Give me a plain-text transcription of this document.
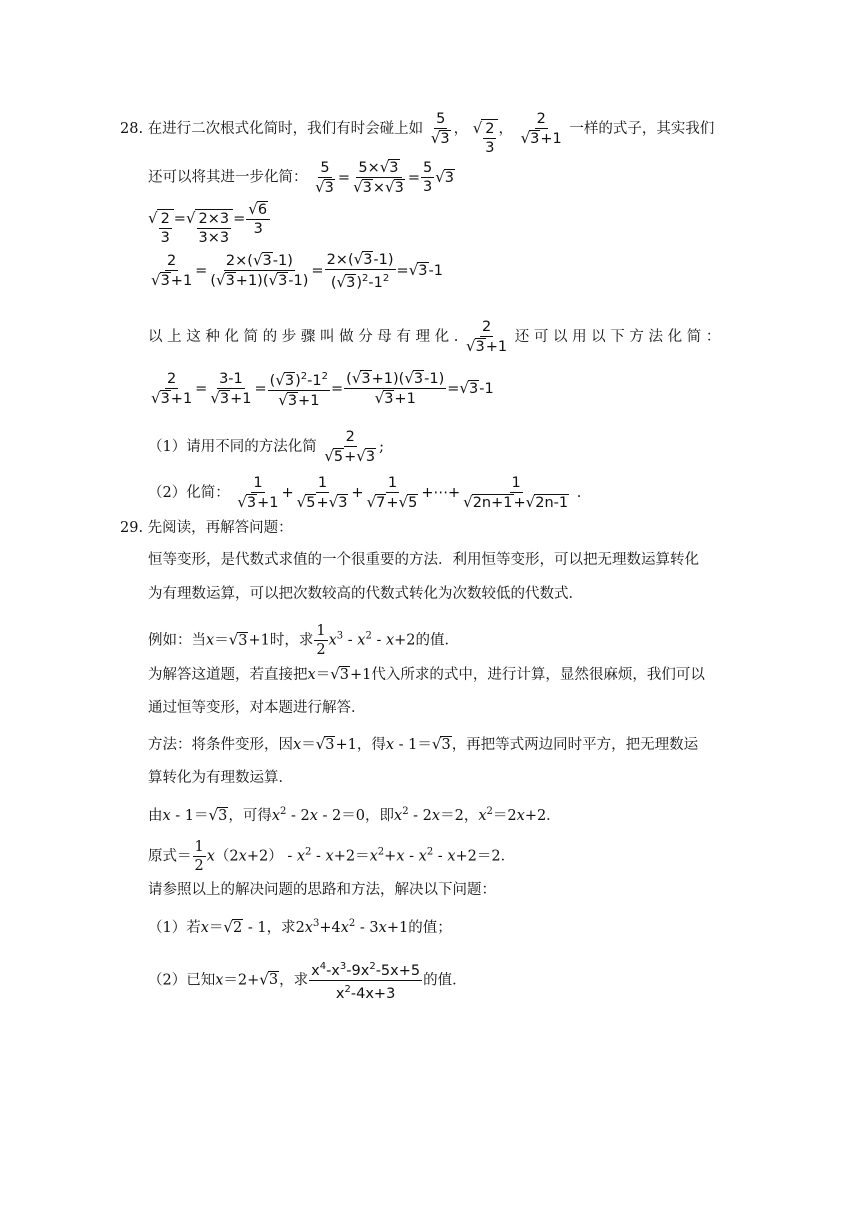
28. 在进行二次根式化简时，我们有时会碰上如 $\frac{5}{√3}$ ， √ $\frac{2}{3}$ ， $\frac{2}{√3+1}$ 一样的式子，其实我们
还可以将其进一步化简： $\frac{5}{√3} = \frac{5\times√3}{√3\times√3} = \frac{5}{3} √3$
√ $\frac{2}{3}$ =√ $\frac{2\times 3}{3\times 3} = \frac{√6}{3}$
$\frac{2}{√3+1} = \frac{2\times(√3-1)}{(√3+1)(√3-1)} = \frac{2\times(√3-1)}{(√3)^2-1^2} =√3-1$
以 上 这 种 化 简 的 步 骤 叫 做 分 母 有 理 化 . $\frac{2}{√3+1}$ 还 可 以 用 以 下 方 法 化 简 ：
$\frac{2}{√3+1} = \frac{3-1}{√3+1} = \frac{(√3)^2-1^2}{√3+1} = \frac{(√3+1)(√3-1)}{√3+1} =√3-1$
（1）请用不同的方法化简 $\frac{2}{√5+√3}$ ;
（2）化简： $\frac{1}{√3+1} + \frac{1}{√5+√3} + \frac{1}{√7+√5}$ +⋯+ $\frac{1}{√2n+1+√2n-1}$ .
29. 先阅读，再解答问题：
恒等变形，是代数式求值的一个很重要的方法．利用恒等变形，可以把无理数运算转化
为有理数运算，可以把次数较高的代数式转化为次数较低的代数式．
例如：当x＝√3+1时，求 $\frac{1}{2} x^3 - x^2 - x+2$的值．
为解答这道题，若直接把x＝√3+1代入所求的式中，进行计算，显然很麻烦，我们可以
通过恒等变形，对本题进行解答．
方法：将条件变形，因x＝√3+1，得x - 1＝√3，再把等式两边同时平方，把无理数运
算转化为有理数运算．
由x - 1＝√3，可得$x^2 - 2x - 2=0$，即$x^2 - 2x=2$，$x^2=2x+2$．
原式＝ $\frac{1}{2} x(2x+2) - x^2 - x+2=x^2+x - x^2 - x+2=2$．
请参照以上的解决问题的思路和方法，解决以下问题：
（1）若x＝√2 - 1，求$2x^3+4x^2 - 3x+1$的值；
（2）已知x＝2+√3，求 $\frac{x^4-x^3-9x^2-5x+5}{x^2-4x+3}$ 的值．
